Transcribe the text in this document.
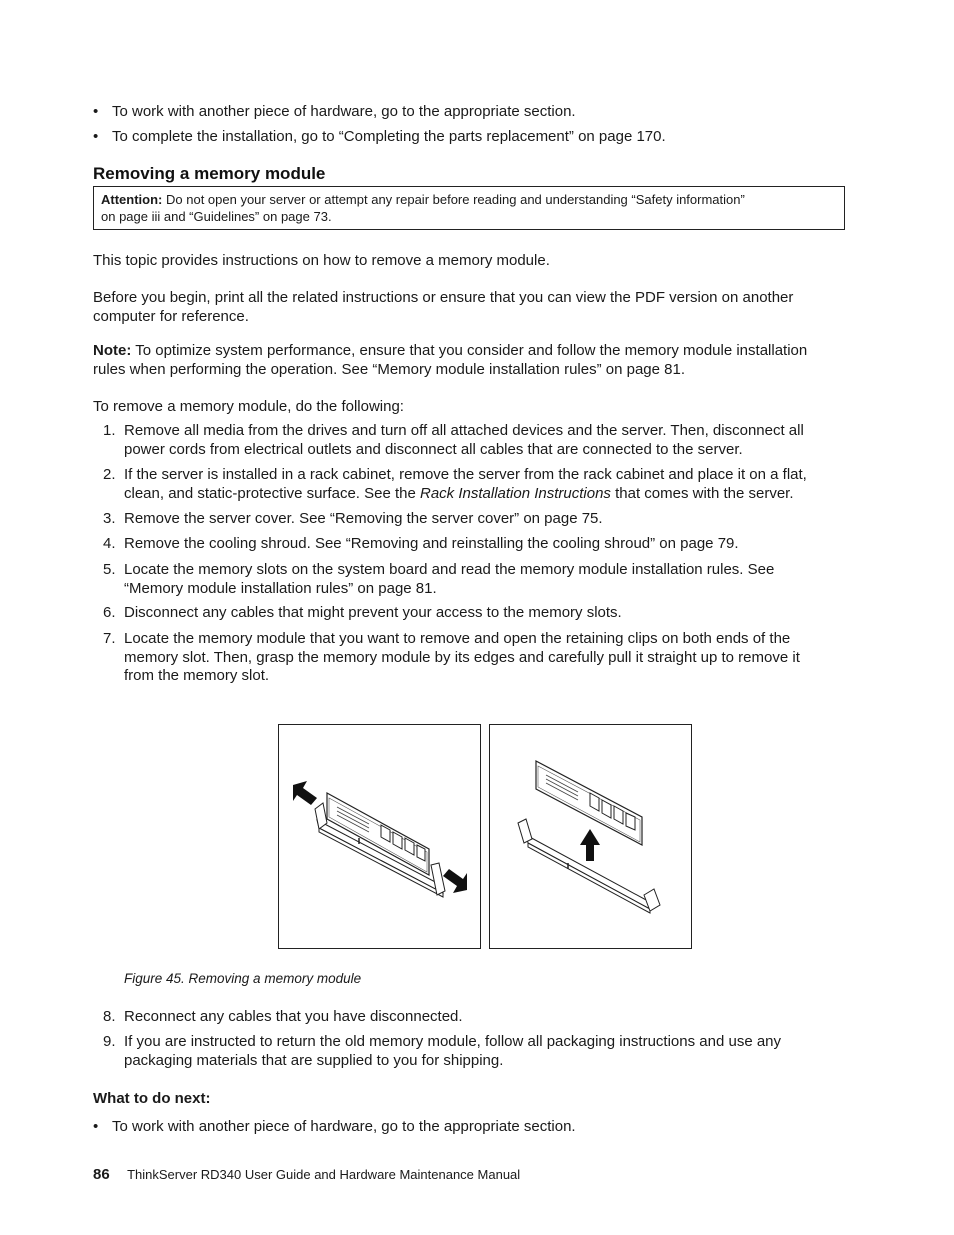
• To work with another piece of hardware, go to the appropriate section.
• To complete the installation, go to “Completing the parts replacement” on page 170.
Removing a memory module
Attention: Do not open your server or attempt any repair before reading and understanding “Safety information”
on page iii and “Guidelines” on page 73.
This topic provides instructions on how to remove a memory module.
Before you begin, print all the related instructions or ensure that you can view the PDF version on another
computer for reference.
Note: To optimize system performance, ensure that you consider and follow the memory module installation
rules when performing the operation. See “Memory module installation rules” on page 81.
To remove a memory module, do the following:
1. Remove all media from the drives and turn off all attached devices and the server. Then, disconnect all
power cords from electrical outlets and disconnect all cables that are connected to the server.
2. If the server is installed in a rack cabinet, remove the server from the rack cabinet and place it on a flat,
clean, and static-protective surface. See the Rack Installation Instructions that comes with the server.
3. Remove the server cover. See “Removing the server cover” on page 75.
4. Remove the cooling shroud. See “Removing and reinstalling the cooling shroud” on page 79.
5. Locate the memory slots on the system board and read the memory module installation rules. See
“Memory module installation rules” on page 81.
6. Disconnect any cables that might prevent your access to the memory slots.
7. Locate the memory module that you want to remove and open the retaining clips on both ends of the
memory slot. Then, grasp the memory module by its edges and carefully pull it straight up to remove it
from the memory slot.
Figure 45. Removing a memory module
8. Reconnect any cables that you have disconnected.
9. If you are instructed to return the old memory module, follow all packaging instructions and use any
packaging materials that are supplied to you for shipping.
What to do next:
• To work with another piece of hardware, go to the appropriate section.
86 ThinkServer RD340 User Guide and Hardware Maintenance Manual
